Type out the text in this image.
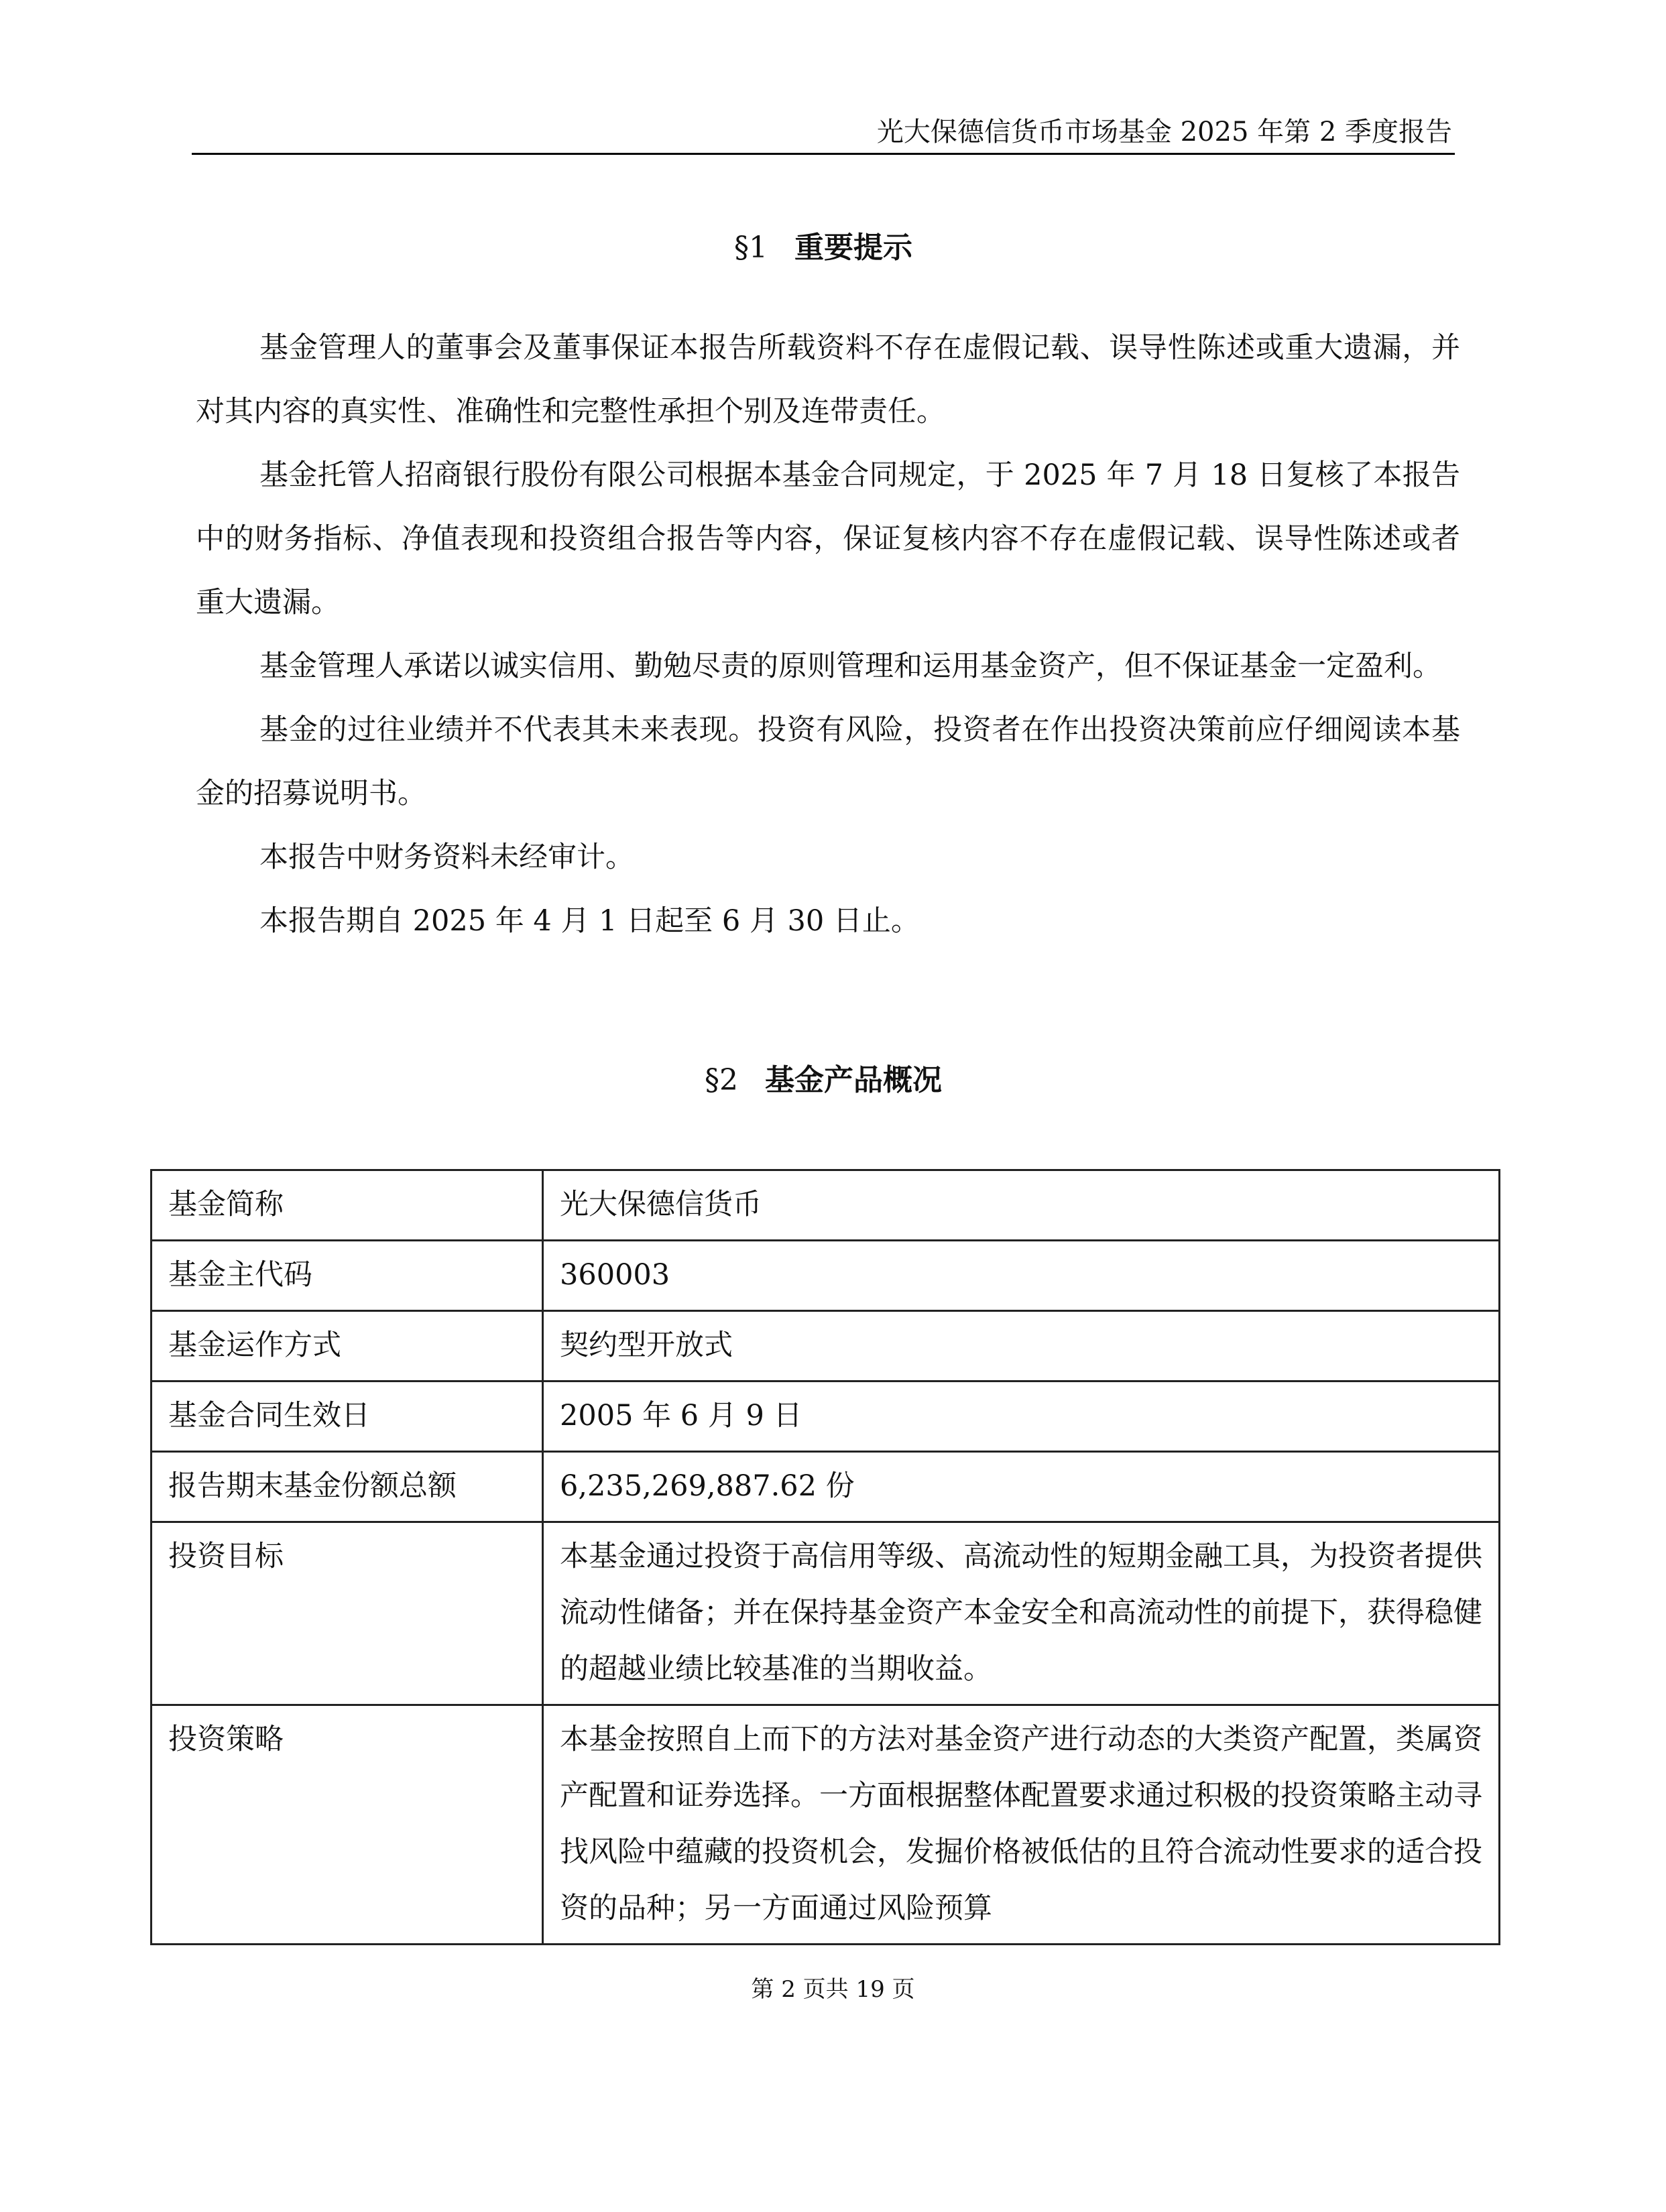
光大保德信货币市场基金 2025 年第 2 季度报告
§1 重要提示

基金管理人的董事会及董事保证本报告所载资料不存在虚假记载、误导性陈述或重大遗漏，并对其内容的真实性、准确性和完整性承担个别及连带责任。

基金托管人招商银行股份有限公司根据本基金合同规定，于 2025 年 7 月 18 日复核了本报告中的财务指标、净值表现和投资组合报告等内容，保证复核内容不存在虚假记载、误导性陈述或者重大遗漏。

基金管理人承诺以诚实信用、勤勉尽责的原则管理和运用基金资产，但不保证基金一定盈利。

基金的过往业绩并不代表其未来表现。投资有风险，投资者在作出投资决策前应仔细阅读本基金的招募说明书。

本报告中财务资料未经审计。

本报告期自 2025 年 4 月 1 日起至 6 月 30 日止。

§2 基金产品概况
基金简称	光大保德信货币
基金主代码	360003
基金运作方式	契约型开放式
基金合同生效日	2005 年 6 月 9 日
报告期末基金份额总额	6,235,269,887.62 份
投资目标	本基金通过投资于高信用等级、高流动性的短期金融工具，为投资者提供流动性储备；并在保持基金资产本金安全和高流动性的前提下，获得稳健的超越业绩比较基准的当期收益。
投资策略	本基金按照自上而下的方法对基金资产进行动态的大类资产配置，类属资产配置和证券选择。一方面根据整体配置要求通过积极的投资策略主动寻找风险中蕴藏的投资机会，发掘价格被低估的且符合流动性要求的适合投资的品种；另一方面通过风险预算
第 2 页共 19 页
